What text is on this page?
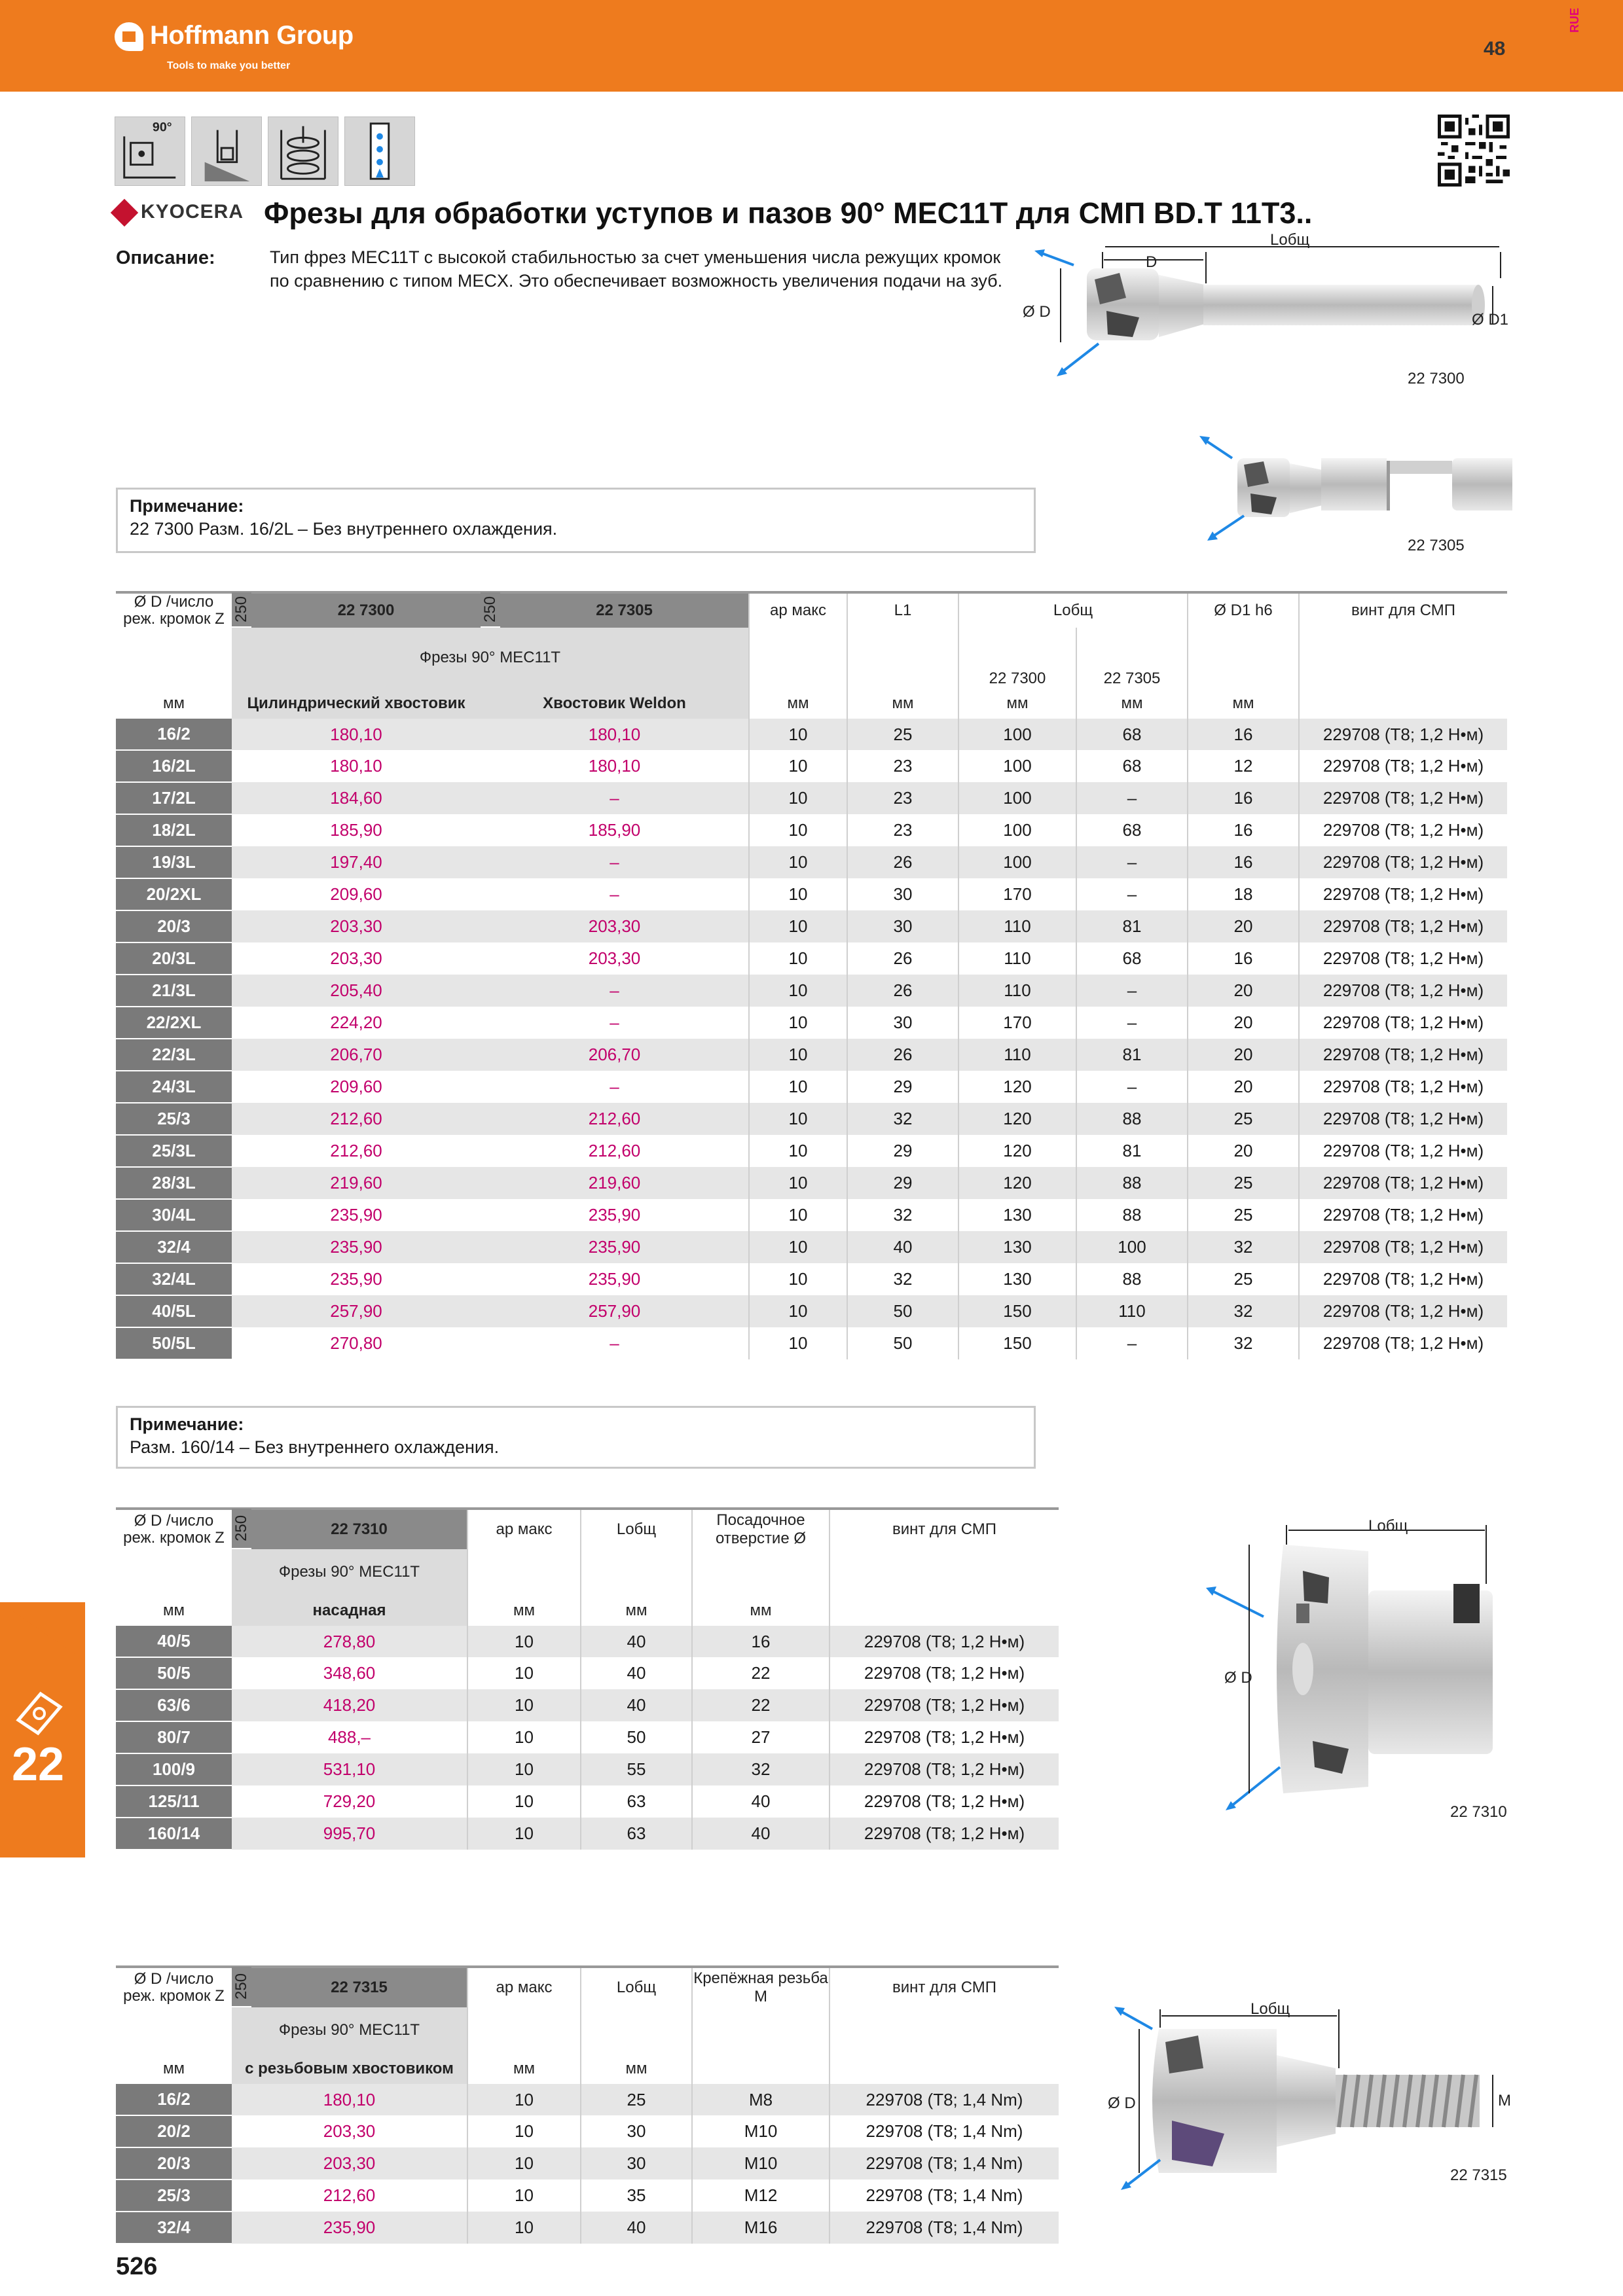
Hoffmann Group
Tools to make you better
48
RUE
90°
KYOCERA Фрезы для обработки уступов и пазов 90° MEC11T для СМП BD.T 11T3..
Описание:	Тип фрез MEC11T с высокой стабильностью за счет уменьшения числа режущих кромок по сравнению с типом MECX. Это обеспечивает возможность увеличения подачи на зуб.
D
Lобщ
Ø D	Ø D1
22 7300
22 7305
Примечание:
22 7300 Разм. 16/2L – Без внутреннего охлаждения.
Ø D /число реж. кромок Z	250	22 7300	250	22 7305	ap макс	L1	Lобщ		Ø D1 h6	винт для СМП
	Фрезы 90° MEC11T						22 7300	22 7305		
мм	Цилиндрический хвостовик		Хвостовик Weldon		мм	мм	мм	мм	мм	
16/2	180,10		180,10		10	25	100	68	16	229708 (T8; 1,2 Н•м)
16/2L	180,10		180,10		10	23	100	68	12	229708 (T8; 1,2 Н•м)
17/2L	184,60		–		10	23	100	–	16	229708 (T8; 1,2 Н•м)
18/2L	185,90		185,90		10	23	100	68	16	229708 (T8; 1,2 Н•м)
19/3L	197,40		–		10	26	100	–	16	229708 (T8; 1,2 Н•м)
20/2XL	209,60		–		10	30	170	–	18	229708 (T8; 1,2 Н•м)
20/3	203,30		203,30		10	30	110	81	20	229708 (T8; 1,2 Н•м)
20/3L	203,30		203,30		10	26	110	68	16	229708 (T8; 1,2 Н•м)
21/3L	205,40		–		10	26	110	–	20	229708 (T8; 1,2 Н•м)
22/2XL	224,20		–		10	30	170	–	20	229708 (T8; 1,2 Н•м)
22/3L	206,70		206,70		10	26	110	81	20	229708 (T8; 1,2 Н•м)
24/3L	209,60		–		10	29	120	–	20	229708 (T8; 1,2 Н•м)
25/3	212,60		212,60		10	32	120	88	25	229708 (T8; 1,2 Н•м)
25/3L	212,60		212,60		10	29	120	81	20	229708 (T8; 1,2 Н•м)
28/3L	219,60		219,60		10	29	120	88	25	229708 (T8; 1,2 Н•м)
30/4L	235,90		235,90		10	32	130	88	25	229708 (T8; 1,2 Н•м)
32/4	235,90		235,90		10	40	130	100	32	229708 (T8; 1,2 Н•м)
32/4L	235,90		235,90		10	32	130	88	25	229708 (T8; 1,2 Н•м)
40/5L	257,90		257,90		10	50	150	110	32	229708 (T8; 1,2 Н•м)
50/5L	270,80		–		10	50	150	–	32	229708 (T8; 1,2 Н•м)
Примечание:
Разм. 160/14 – Без внутреннего охлаждения.
Ø D /число реж. кромок Z	250	22 7310	ap макс	Lобщ	Посадочное отверстие Ø	винт для СМП
	Фрезы 90° MEC11T					
мм	насадная		мм	мм	мм	
40/5	278,80		10	40	16	229708 (T8; 1,2 Н•м)
50/5	348,60		10	40	22	229708 (T8; 1,2 Н•м)
63/6	418,20		10	40	22	229708 (T8; 1,2 Н•м)
80/7	488,–		10	50	27	229708 (T8; 1,2 Н•м)
100/9	531,10		10	55	32	229708 (T8; 1,2 Н•м)
125/11	729,20		10	63	40	229708 (T8; 1,2 Н•м)
160/14	995,70		10	63	40	229708 (T8; 1,2 Н•м)
Lобщ
Ø D
22 7310
Ø D /число реж. кромок Z	250	22 7315	ap макс	Lобщ	Крепёжная резьба M	винт для СМП
	Фрезы 90° MEC11T					
мм	с резьбовым хвостовиком		мм	мм		
16/2	180,10		10	25	M8	229708 (T8; 1,4 Nm)
20/2	203,30		10	30	M10	229708 (T8; 1,4 Nm)
20/3	203,30		10	30	M10	229708 (T8; 1,4 Nm)
25/3	212,60		10	35	M12	229708 (T8; 1,4 Nm)
32/4	235,90		10	40	M16	229708 (T8; 1,4 Nm)
Lобщ
Ø D	M
22 7315
22
526
